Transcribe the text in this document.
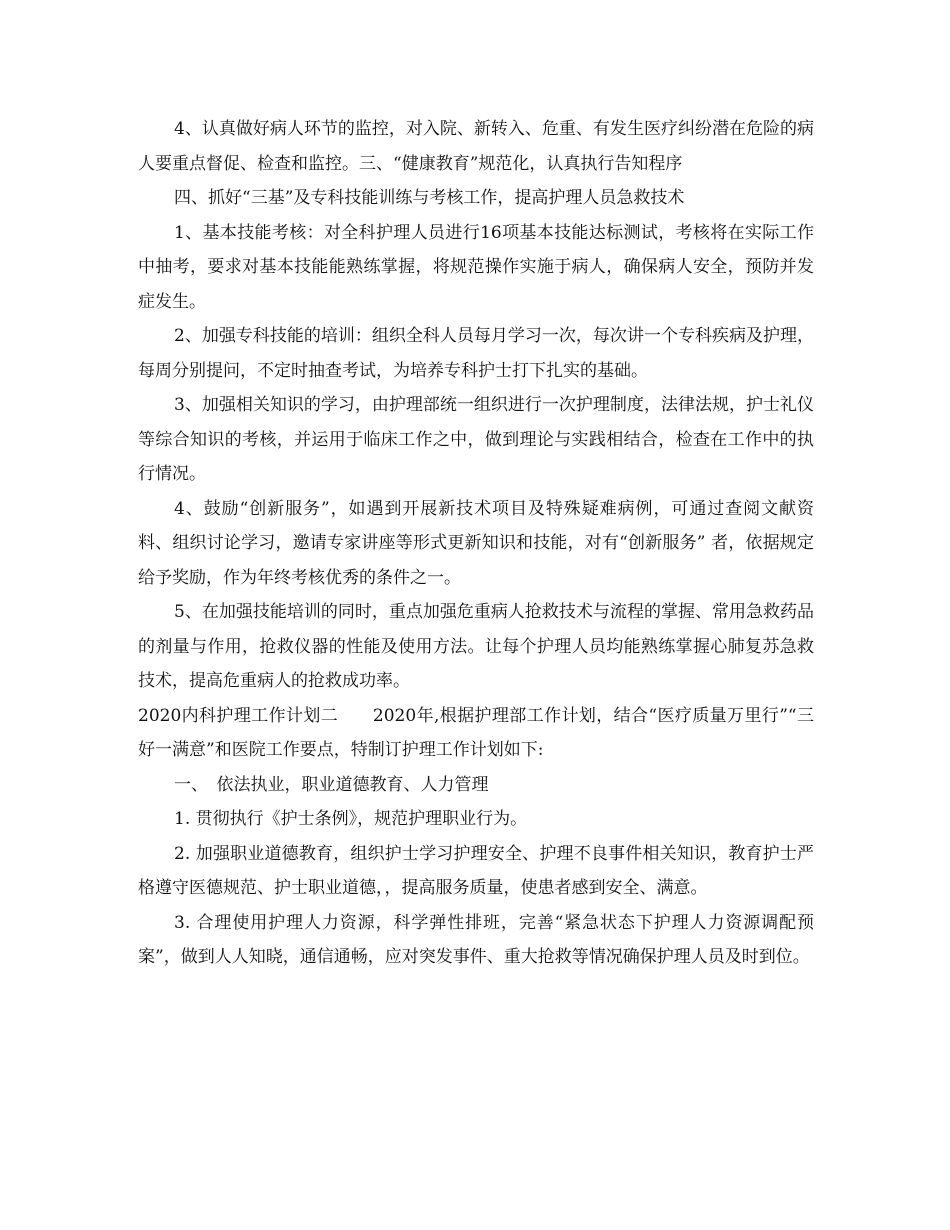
4、认真做好病人环节的监控，对入院、新转入、危重、有发生医疗纠纷潜在危险的病人要重点督促、检查和监控。三、“健康教育”规范化，认真执行告知程序

四、抓好“三基”及专科技能训练与考核工作，提高护理人员急救技术

1、基本技能考核：对全科护理人员进行16项基本技能达标测试，考核将在实际工作中抽考，要求对基本技能能熟练掌握，将规范操作实施于病人，确保病人安全，预防并发症发生。

2、加强专科技能的培训：组织全科人员每月学习一次，每次讲一个专科疾病及护理，每周分别提问，不定时抽查考试，为培养专科护士打下扎实的基础。

3、加强相关知识的学习，由护理部统一组织进行一次护理制度，法律法规，护士礼仪等综合知识的考核，并运用于临床工作之中，做到理论与实践相结合，检查在工作中的执行情况。

4、鼓励“创新服务”，如遇到开展新技术项目及特殊疑难病例，可通过查阅文献资料、组织讨论学习，邀请专家讲座等形式更新知识和技能，对有“创新服务” 者，依据规定给予奖励，作为年终考核优秀的条件之一。

5、在加强技能培训的同时，重点加强危重病人抢救技术与流程的掌握、常用急救药品的剂量与作用，抢救仪器的性能及使用方法。让每个护理人员均能熟练掌握心肺复苏急救技术，提高危重病人的抢救成功率。

2020内科护理工作计划二　　2020年,根据护理部工作计划，结合“医疗质量万里行”“三好一满意”和医院工作要点，特制订护理工作计划如下:

一、　依法执业，职业道德教育、人力管理

1. 贯彻执行《护士条例》，规范护理职业行为。

2. 加强职业道德教育，组织护士学习护理安全、护理不良事件相关知识，教育护士严格遵守医德规范、护士职业道德，，提高服务质量，使患者感到安全、满意。

3. 合理使用护理人力资源，科学弹性排班，完善“紧急状态下护理人力资源调配预案”，做到人人知晓，通信通畅，应对突发事件、重大抢救等情况确保护理人员及时到位。
